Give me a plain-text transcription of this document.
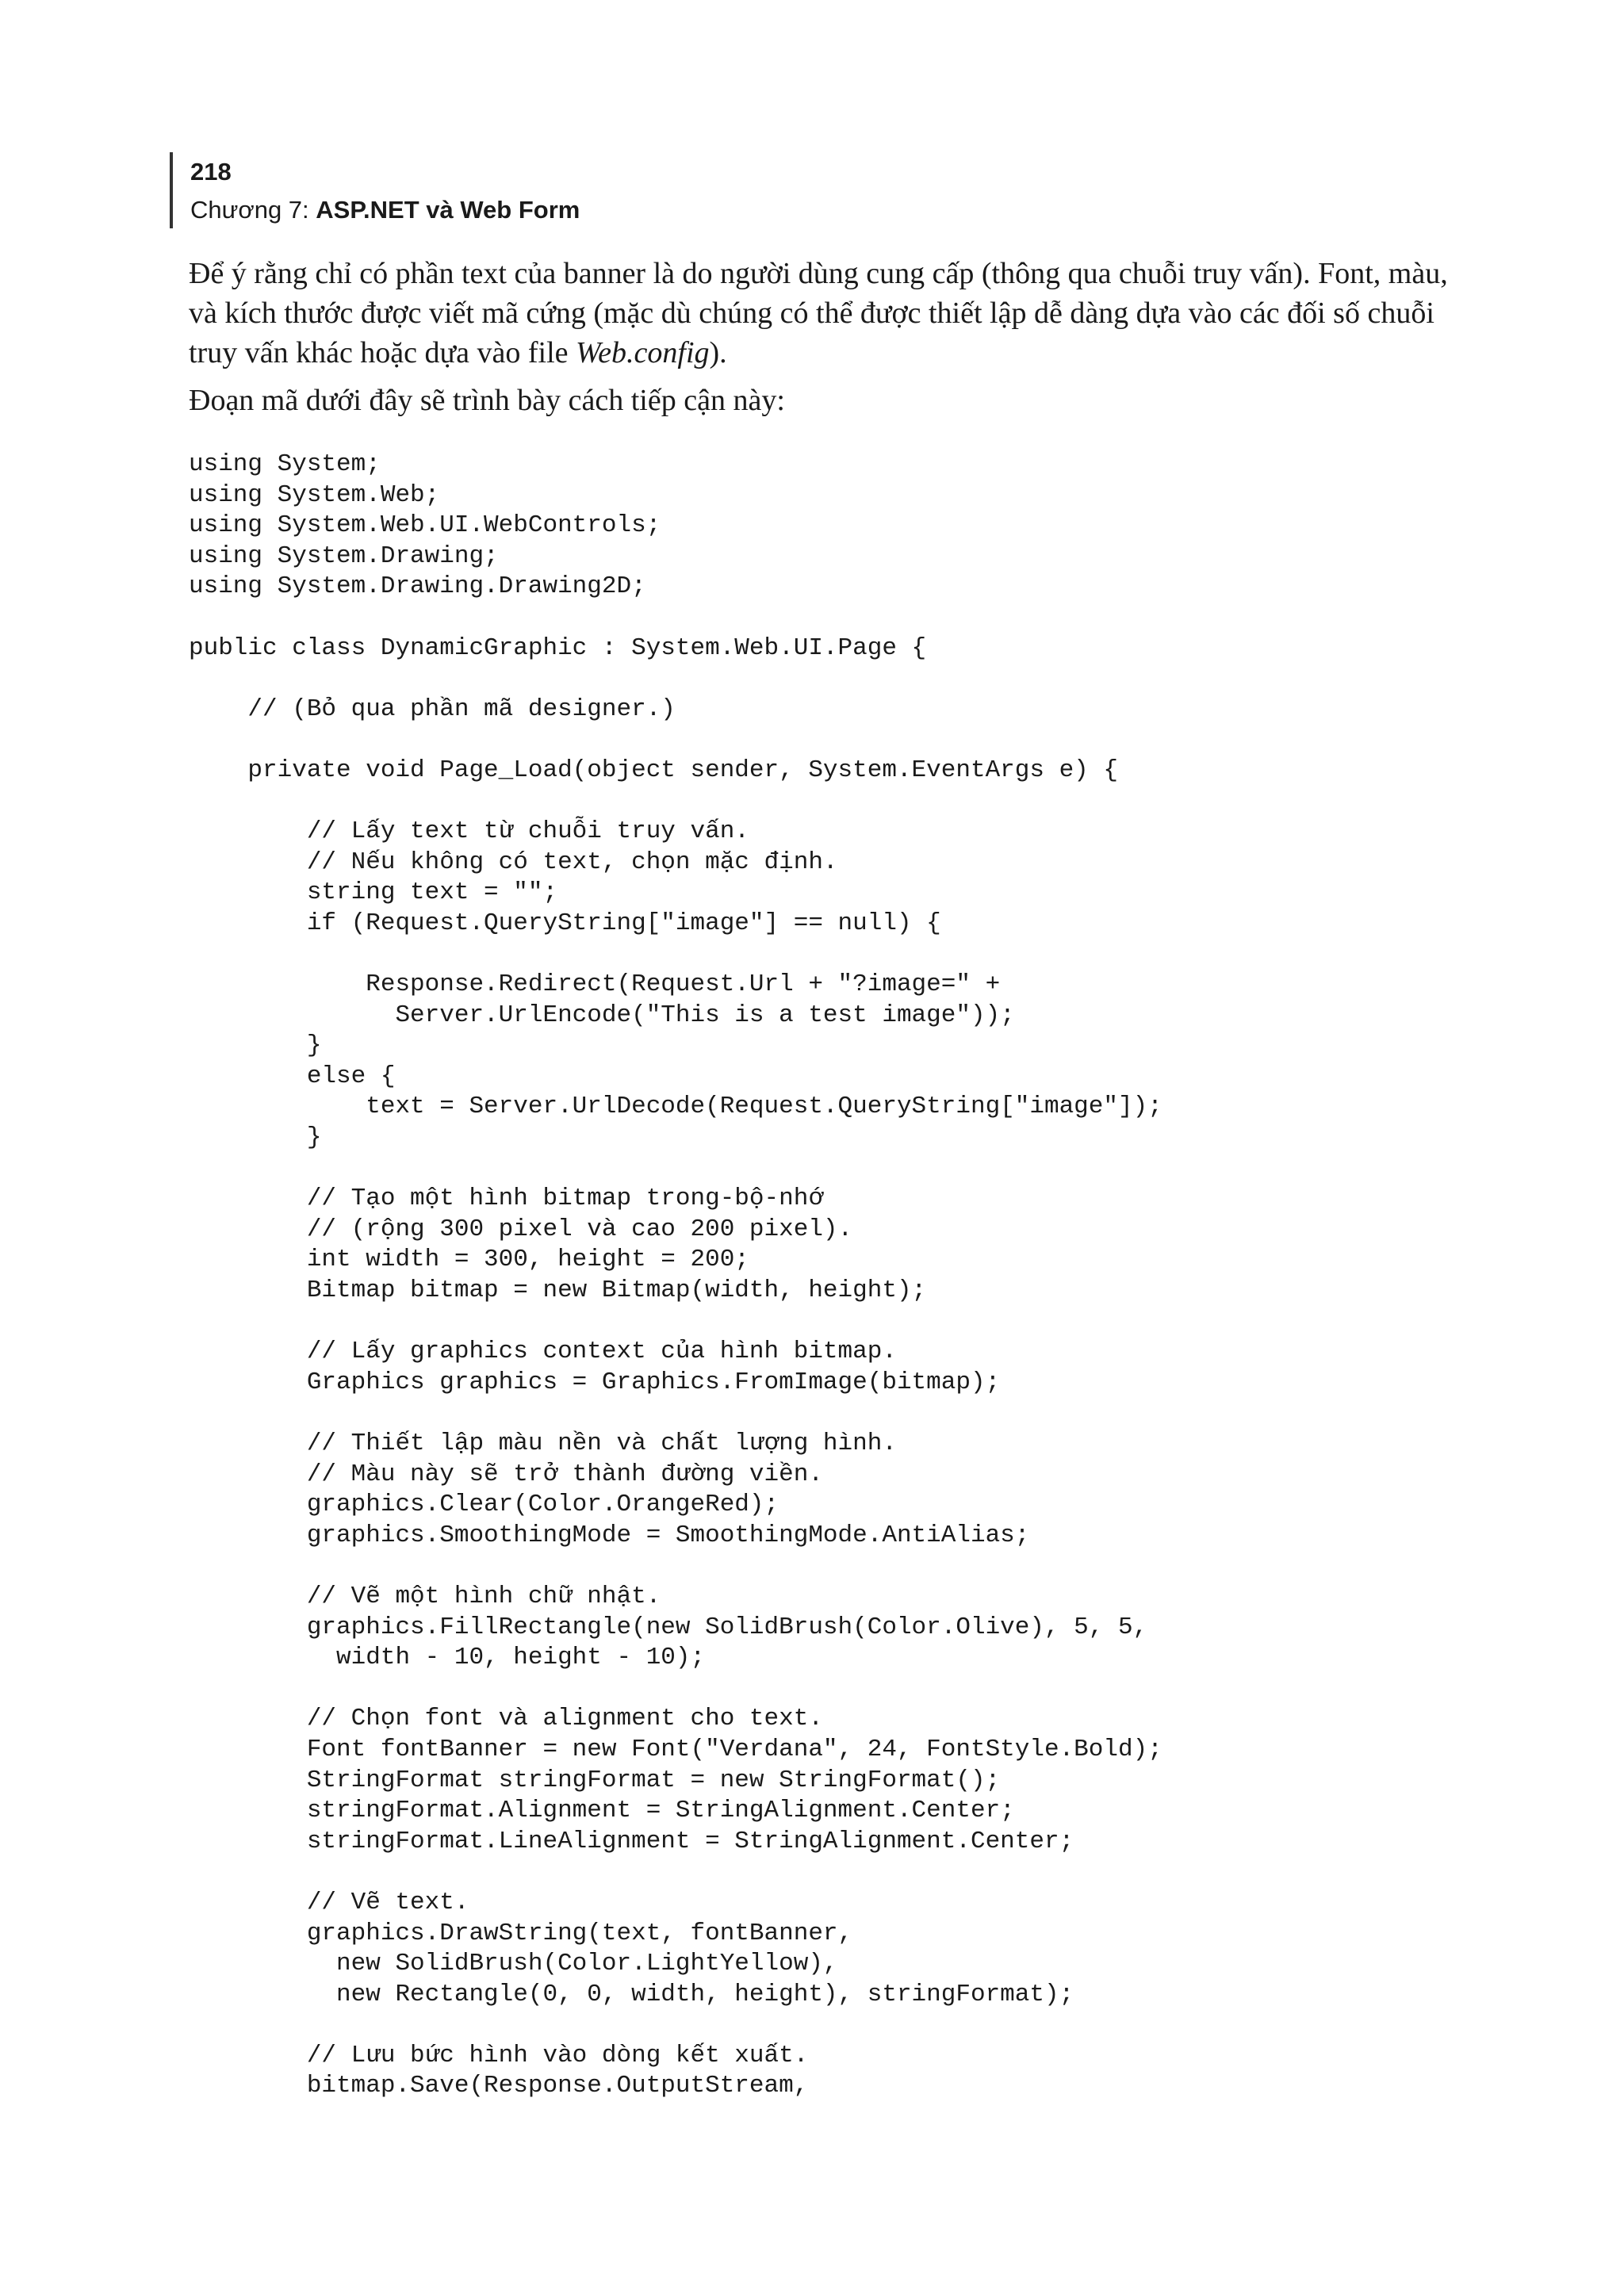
218
Chương 7: ASP.NET và Web Form

Để ý rằng chỉ có phần text của banner là do người dùng cung cấp (thông qua chuỗi truy vấn). Font, màu, và kích thước được viết mã cứng (mặc dù chúng có thể được thiết lập dễ dàng dựa vào các đối số chuỗi truy vấn khác hoặc dựa vào file Web.config).

Đoạn mã dưới đây sẽ trình bày cách tiếp cận này:

using System;
using System.Web;
using System.Web.UI.WebControls;
using System.Drawing;
using System.Drawing.Drawing2D;

public class DynamicGraphic : System.Web.UI.Page {

// (Bỏ qua phần mã designer.)

private void Page_Load(object sender, System.EventArgs e) {

// Lấy text từ chuỗi truy vấn.
// Nếu không có text, chọn mặc định.
string text = "";
if (Request.QueryString["image"] == null) {

Response.Redirect(Request.Url + "?image=" +
Server.UrlEncode("This is a test image"));
}
else {
text = Server.UrlDecode(Request.QueryString["image"]);
}

// Tạo một hình bitmap trong-bộ-nhớ
// (rộng 300 pixel và cao 200 pixel).
int width = 300, height = 200;
Bitmap bitmap = new Bitmap(width, height);

// Lấy graphics context của hình bitmap.
Graphics graphics = Graphics.FromImage(bitmap);

// Thiết lập màu nền và chất lượng hình.
// Màu này sẽ trở thành đường viền.
graphics.Clear(Color.OrangeRed);
graphics.SmoothingMode = SmoothingMode.AntiAlias;

// Vẽ một hình chữ nhật.
graphics.FillRectangle(new SolidBrush(Color.Olive), 5, 5,
width - 10, height - 10);

// Chọn font và alignment cho text.
Font fontBanner = new Font("Verdana", 24, FontStyle.Bold);
StringFormat stringFormat = new StringFormat();
stringFormat.Alignment = StringAlignment.Center;
stringFormat.LineAlignment = StringAlignment.Center;

// Vẽ text.
graphics.DrawString(text, fontBanner,
new SolidBrush(Color.LightYellow),
new Rectangle(0, 0, width, height), stringFormat);

// Lưu bức hình vào dòng kết xuất.
bitmap.Save(Response.OutputStream,
